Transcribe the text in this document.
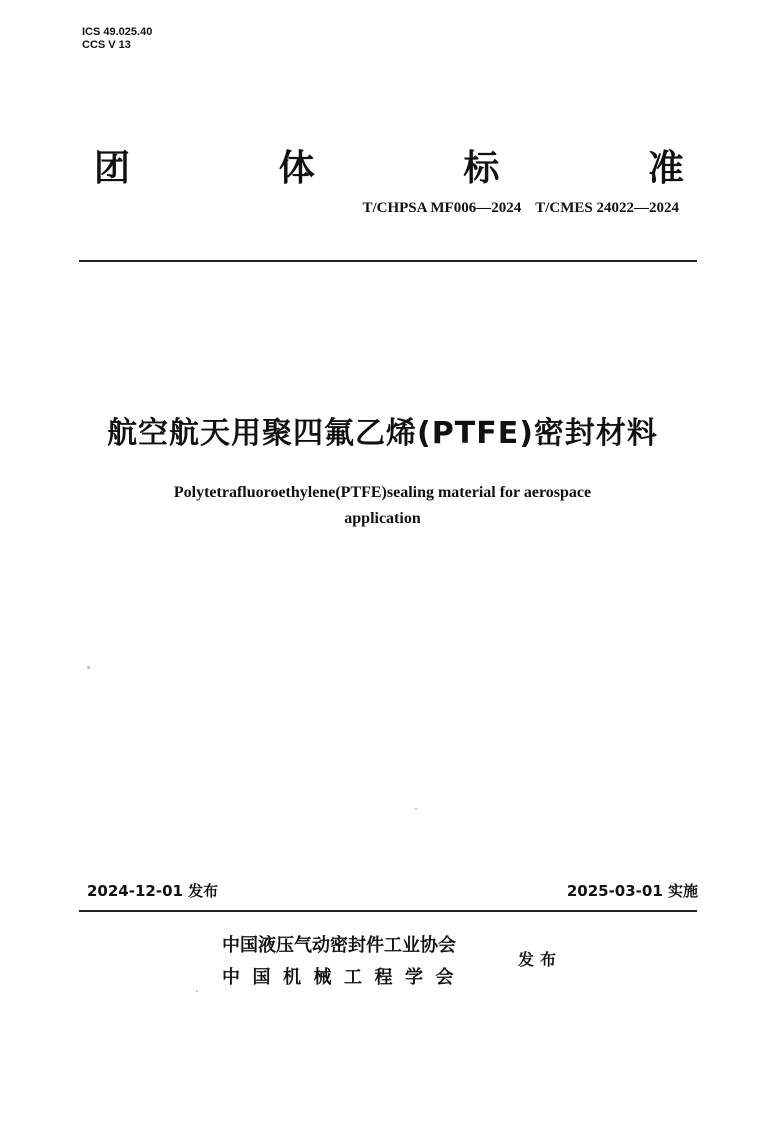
ICS 49.025.40
CCS V 13
团	体	标	准
T/CHPSA MF006—2024 T/CMES 24022—2024
航空航天用聚四氟乙烯(PTFE)密封材料
Polytetrafluoroethylene(PTFE)sealing material for aerospace
application
2024-12-01 发布	2025-03-01 实施
中国液压气动密封件工业协会
中国机械工程学会
发布
